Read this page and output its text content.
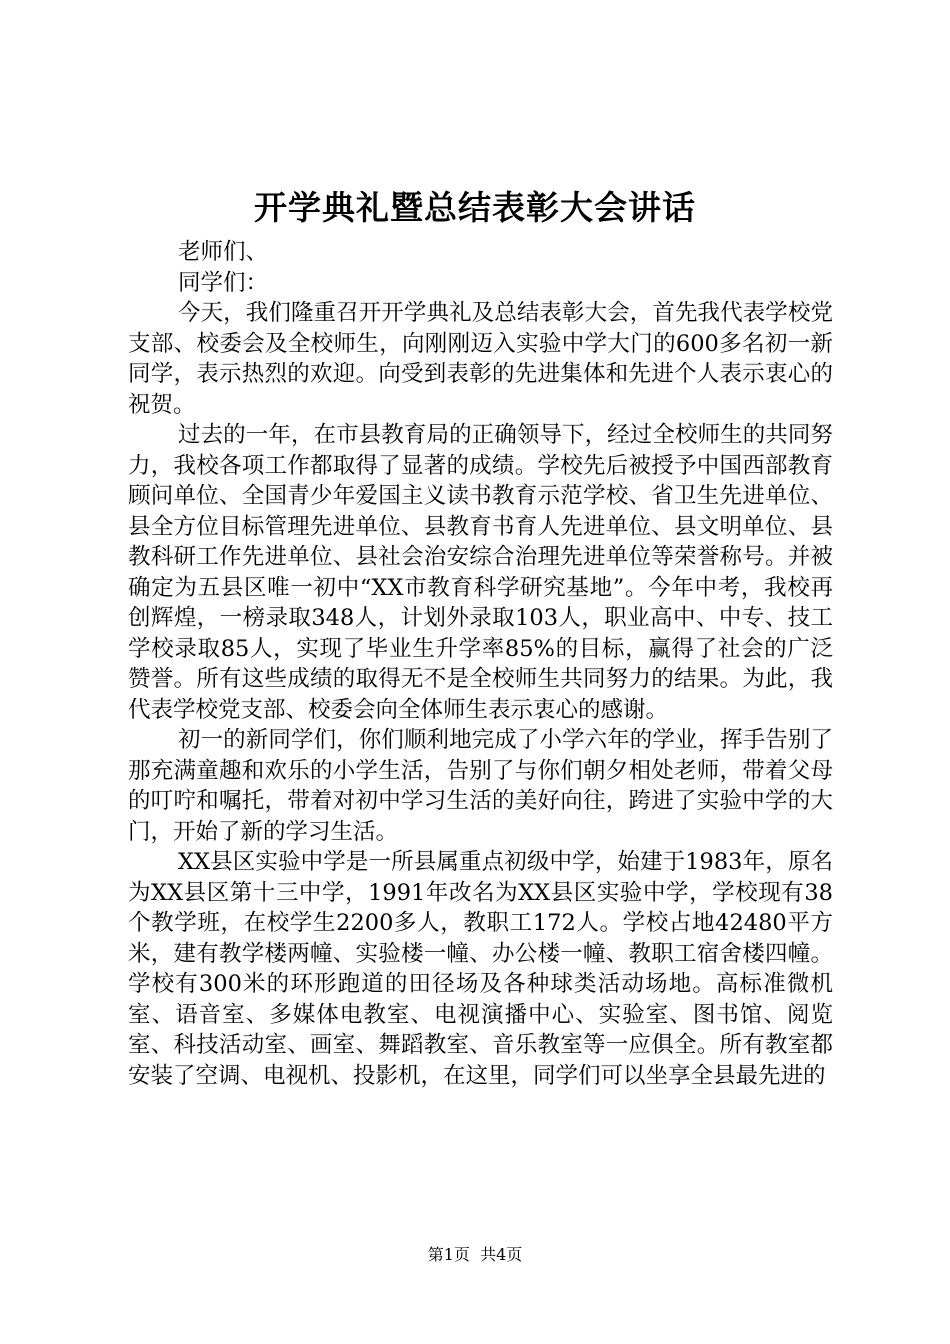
开学典礼暨总结表彰大会讲话

老师们、

同学们：

今天，我们隆重召开开学典礼及总结表彰大会，首先我代表学校党支部、校委会及全校师生，向刚刚迈入实验中学大门的600多名初一新同学，表示热烈的欢迎。向受到表彰的先进集体和先进个人表示衷心的祝贺。

过去的一年，在市县教育局的正确领导下，经过全校师生的共同努力，我校各项工作都取得了显著的成绩。学校先后被授予中国西部教育顾问单位、全国青少年爱国主义读书教育示范学校、省卫生先进单位、县全方位目标管理先进单位、县教育书育人先进单位、县文明单位、县教科研工作先进单位、县社会治安综合治理先进单位等荣誉称号。并被确定为五县区唯一初中“XX市教育科学研究基地”。今年中考，我校再创辉煌，一榜录取348人，计划外录取103人，职业高中、中专、技工学校录取85人，实现了毕业生升学率85%的目标，赢得了社会的广泛赞誉。所有这些成绩的取得无不是全校师生共同努力的结果。为此，我代表学校党支部、校委会向全体师生表示衷心的感谢。

初一的新同学们，你们顺利地完成了小学六年的学业，挥手告别了那充满童趣和欢乐的小学生活，告别了与你们朝夕相处老师，带着父母的叮咛和嘱托，带着对初中学习生活的美好向往，跨进了实验中学的大门，开始了新的学习生活。

XX县区实验中学是一所县属重点初级中学，始建于1983年，原名为XX县区第十三中学，1991年改名为XX县区实验中学，学校现有38个教学班，在校学生2200多人，教职工172人。学校占地42480平方米，建有教学楼两幢、实验楼一幢、办公楼一幢、教职工宿舍楼四幢。学校有300米的环形跑道的田径场及各种球类活动场地。高标准微机室、语音室、多媒体电教室、电视演播中心、实验室、图书馆、阅览室、科技活动室、画室、舞蹈教室、音乐教室等一应俱全。所有教室都安装了空调、电视机、投影机，在这里，同学们可以坐享全县最先进的

第1页  共4页
